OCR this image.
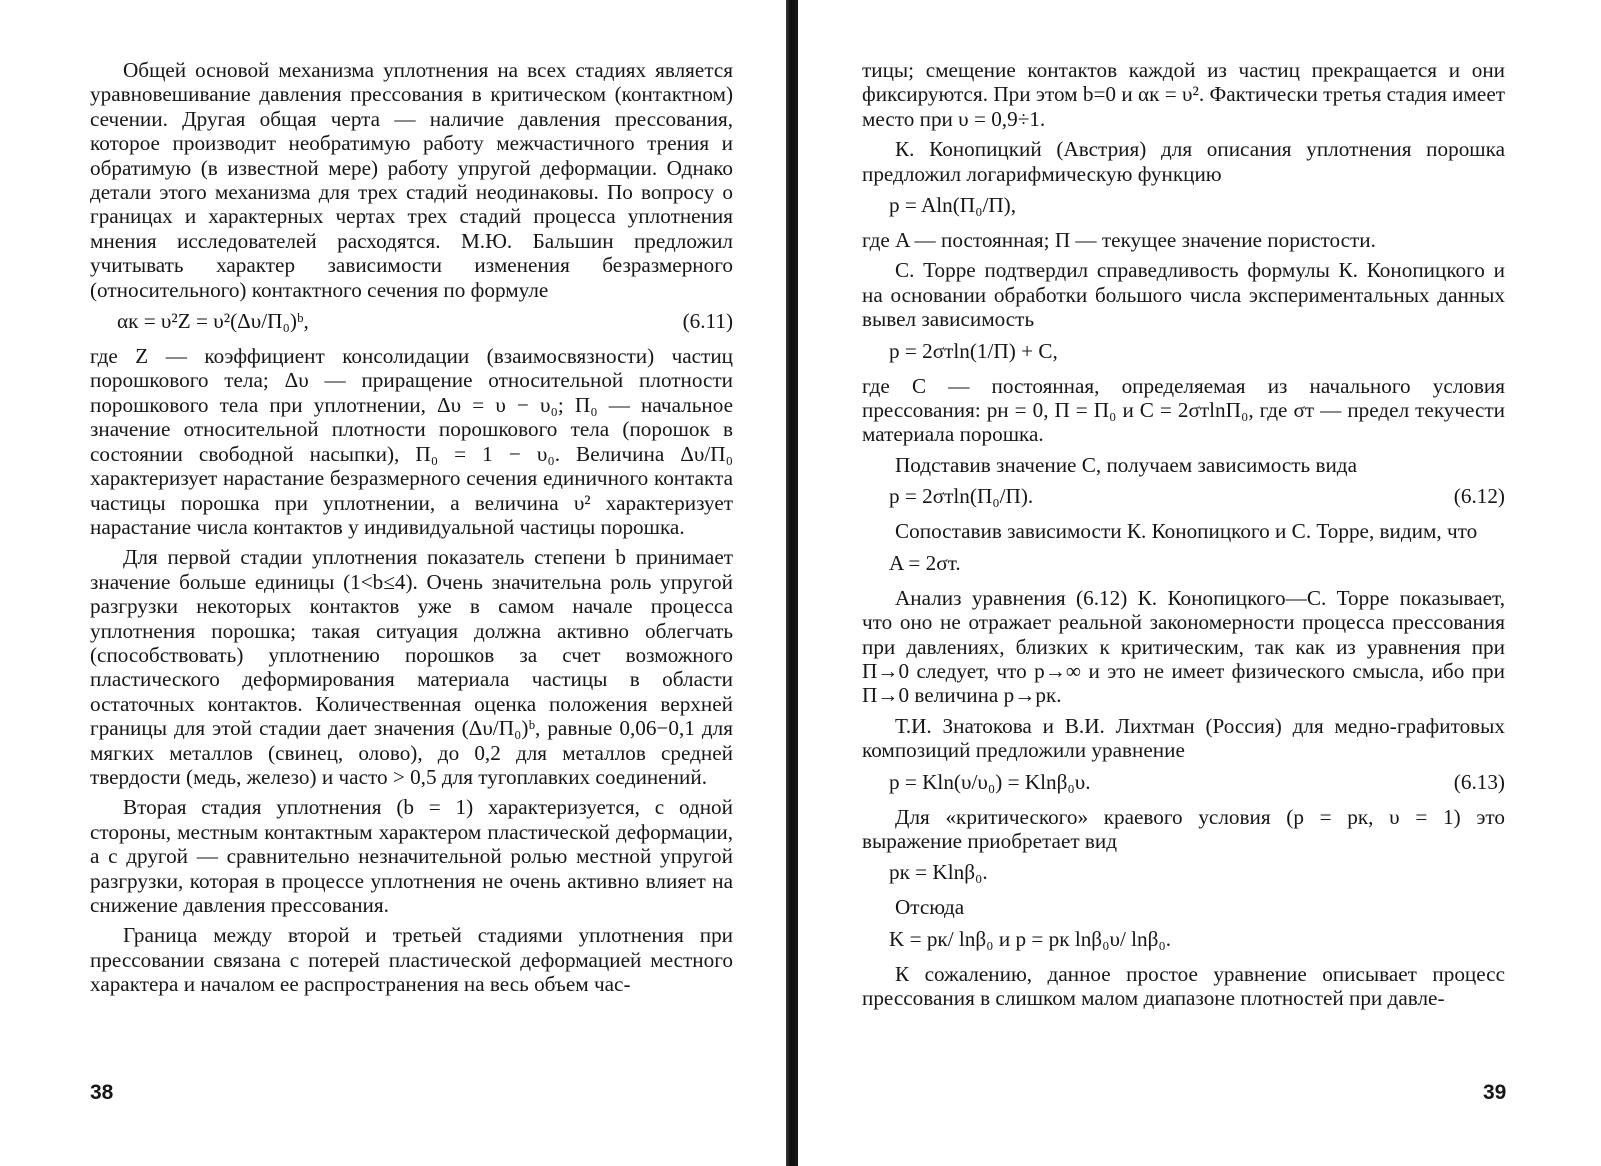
Общей основой механизма уплотнения на всех стадиях является уравновешивание давления прессования в критическом (контактном) сечении. Другая общая черта — наличие давления прессования, которое производит необратимую работу межчастичного трения и обратимую (в известной мере) работу упругой деформации. Однако детали этого механизма для трех стадий неодинаковы. По вопросу о границах и характерных чертах трех стадий процесса уплотнения мнения исследователей расходятся. М.Ю. Бальшин предложил учитывать характер зависимости изменения безразмерного (относительного) контактного сечения по формуле

αк = υ²Z = υ²(Δυ/П₀)ᵇ,	(6.11)

где Z — коэффициент консолидации (взаимосвязности) частиц порошкового тела; Δυ — приращение относительной плотности порошкового тела при уплотнении, Δυ = υ − υ₀; П₀ — начальное значение относительной плотности порошкового тела (порошок в состоянии свободной насыпки), П₀ = 1 − υ₀. Величина Δυ/П₀ характеризует нарастание безразмерного сечения единичного контакта частицы порошка при уплотнении, а величина υ² характеризует нарастание числа контактов у индивидуальной частицы порошка.

Для первой стадии уплотнения показатель степени b принимает значение больше единицы (1<b≤4). Очень значительна роль упругой разгрузки некоторых контактов уже в самом начале процесса уплотнения порошка; такая ситуация должна активно облегчать (способствовать) уплотнению порошков за счет возможного пластического деформирования материала частицы в области остаточных контактов. Количественная оценка положения верхней границы для этой стадии дает значения (Δυ/П₀)ᵇ, равные 0,06−0,1 для мягких металлов (свинец, олово), до 0,2 для металлов средней твердости (медь, железо) и часто > 0,5 для тугоплавких соединений.

Вторая стадия уплотнения (b = 1) характеризуется, с одной стороны, местным контактным характером пластической деформации, а с другой — сравнительно незначительной ролью местной упругой разгрузки, которая в процессе уплотнения не очень активно влияет на снижение давления прессования.

Граница между второй и третьей стадиями уплотнения при прессовании связана с потерей пластической деформацией местного характера и началом ее распространения на весь объем час-

тицы; смещение контактов каждой из частиц прекращается и они фиксируются. При этом b=0 и αк = υ². Фактически третья стадия имеет место при υ = 0,9÷1.

К. Конопицкий (Австрия) для описания уплотнения порошка предложил логарифмическую функцию

p = Aln(П₀/П),

где A — постоянная; П — текущее значение пористости.

С. Торре подтвердил справедливость формулы К. Конопицкого и на основании обработки большого числа экспериментальных данных вывел зависимость

p = 2σтln(1/П) + C,

где C — постоянная, определяемая из начального условия прессования: pн = 0, П = П₀ и C = 2σтlnП₀, где σт — предел текучести материала порошка.

Подставив значение C, получаем зависимость вида

p = 2σтln(П₀/П).	(6.12)

Сопоставив зависимости К. Конопицкого и С. Торре, видим, что

A = 2σт.

Анализ уравнения (6.12) К. Конопицкого—С. Торре показывает, что оно не отражает реальной закономерности процесса прессования при давлениях, близких к критическим, так как из уравнения при П→0 следует, что p→∞ и это не имеет физического смысла, ибо при П→0 величина p→pк.

Т.И. Знатокова и В.И. Лихтман (Россия) для медно-графитовых композиций предложили уравнение

p = Kln(υ/υ₀) = Klnβ₀υ.	(6.13)

Для «критического» краевого условия (p = pк, υ = 1) это выражение приобретает вид

pк = Klnβ₀.

Отсюда

K = pк/ lnβ₀ и p = pк lnβ₀υ/ lnβ₀.

К сожалению, данное простое уравнение описывает процесс прессования в слишком малом диапазоне плотностей при давле-

38	39
